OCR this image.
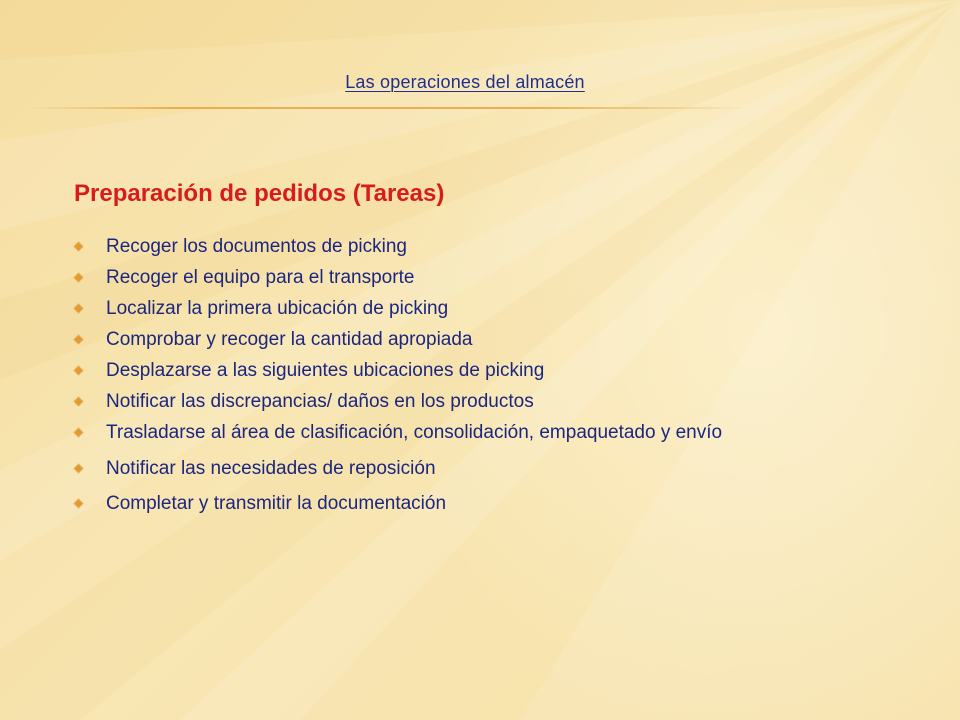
Las operaciones del almacén
Preparación de pedidos (Tareas)
Recoger los documentos de picking
Recoger el equipo para el transporte
Localizar la primera ubicación de picking
Comprobar y recoger la cantidad apropiada
Desplazarse a las siguientes ubicaciones de picking
Notificar las discrepancias/ daños en los productos
Trasladarse al área de clasificación, consolidación, empaquetado y envío
Notificar las necesidades de reposición
Completar y transmitir la documentación
